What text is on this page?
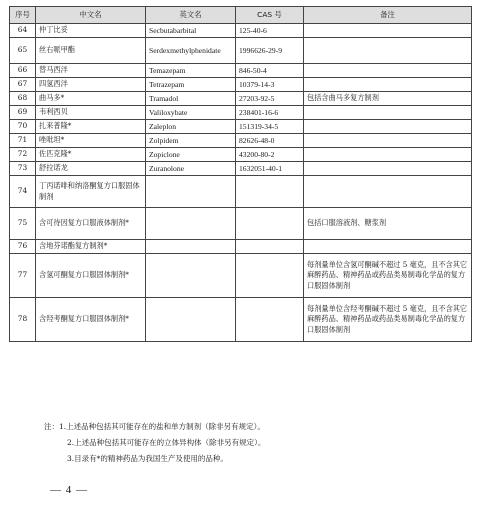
序号	中文名	英文名	CAS 号	备注
64	仲丁比妥	Secbutabarbital	125-40-6	
65	丝右哌甲酯	Serdexmethylphenidate	1996626-29-9	
66	替马西泮	Temazepam	846-50-4	
67	四氢西泮	Tetrazepam	10379-14-3	
68	曲马多*	Tramadol	27203-92-5	包括含曲马多复方制剂
69	韦利西贝	Valiloxybate	238401-16-6	
70	扎来普隆*	Zaleplon	151319-34-5	
71	唑吡坦*	Zolpidem	82626-48-0	
72	佐匹克隆*	Zopiclone	43200-80-2	
73	舒拉诺龙	Zuranolone	1632051-40-1	
74	丁丙诺啡和纳洛酮复方口服固体制剂			
75	含可待因复方口服液体制剂*			包括口服溶液剂、糖浆剂
76	含地芬诺酯复方制剂*			
77	含氢可酮复方口服固体制剂*			每剂量单位含氢可酮碱不超过 5 毫克，且不含其它麻醉药品、精神药品或药品类易制毒化学品的复方口服固体制剂
78	含羟考酮复方口服固体制剂*			每剂量单位含羟考酮碱不超过 5 毫克，且不含其它麻醉药品、精神药品或药品类易制毒化学品的复方口服固体制剂
注：1.上述品种包括其可能存在的盐和单方制剂（除非另有规定）。
2.上述品种包括其可能存在的立体异构体（除非另有规定）。
3.目录有*的精神药品为我国生产及使用的品种。
— 4 —
